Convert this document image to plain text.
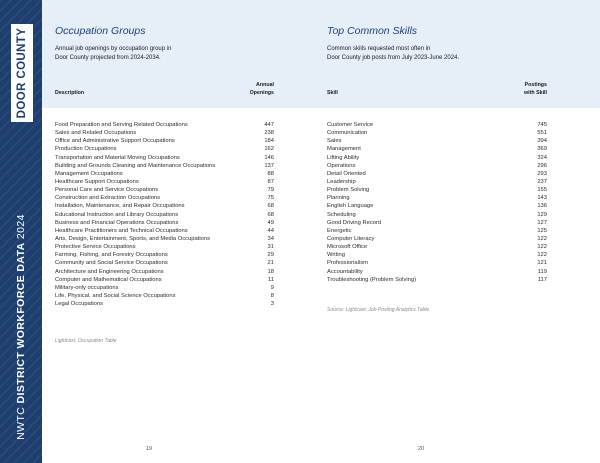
DOOR COUNTY
NWTC DISTRICT WORKFORCE DATA 2024
Occupation Groups
Annual job openings by occupation group in
Door County projected from 2024-2034.
Description
Annual
Openings
Food Preparation and Serving Related Occupations	447
Sales and Related Occupations	238
Office and Administrative Support Occupations	184
Production Occupations	162
Transportation and Material Moving Occupations	146
Building and Grounds Cleaning and Maintenance Occupations	137
Management Occupations	88
Healthcare Support Occupations	87
Personal Care and Service Occupations	79
Construction and Extraction Occupations	75
Installation, Maintenance, and Repair Occupations	68
Educational Instruction and Library Occupations	68
Business and Financial Operations Occupations	49
Healthcare Practitioners and Technical Occupations	44
Arts, Design, Entertainment, Sports, and Media Occupations	34
Protective Service Occupations	31
Farming, Fishing, and Forestry Occupations	29
Community and Social Service Occupations	21
Architecture and Engineering Occupations	18
Computer and Mathematical Occupations	11
Military-only occupations	9
Life, Physical, and Social Science Occupations	8
Legal Occupations	3
Lightcast, Occupation Table
Top Common Skills
Common skills requested most often in
Door County job posts from July 2023-June 2024.
Skill
Postings
with Skill
Customer Service	745
Communication	551
Sales	394
Management	369
Lifting Ability	324
Operations	296
Detail Oriented	293
Leadership	237
Problem Solving	155
Planning	143
English Language	136
Scheduling	129
Good Driving Record	127
Energetic	125
Computer Literacy	122
Microsoft Office	122
Writing	122
Professionalism	121
Accountability	119
Troubleshooting (Problem Solving)	117
Source: Lightcast, Job Posting Analytics Table
19	20
